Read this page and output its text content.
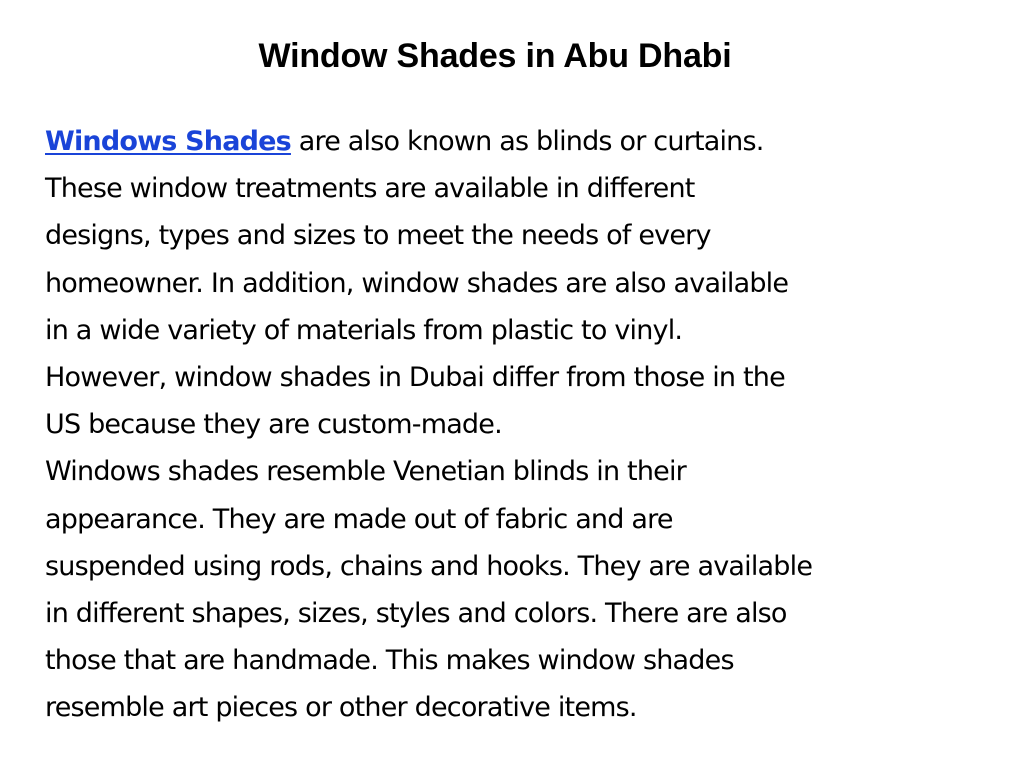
Window Shades in Abu Dhabi

Windows Shades are also known as blinds or curtains.
These window treatments are available in different
designs, types and sizes to meet the needs of every
homeowner. In addition, window shades are also available
in a wide variety of materials from plastic to vinyl.
However, window shades in Dubai differ from those in the
US because they are custom-made.

Windows shades resemble Venetian blinds in their
appearance. They are made out of fabric and are
suspended using rods, chains and hooks. They are available
in different shapes, sizes, styles and colors. There are also
those that are handmade. This makes window shades
resemble art pieces or other decorative items.
